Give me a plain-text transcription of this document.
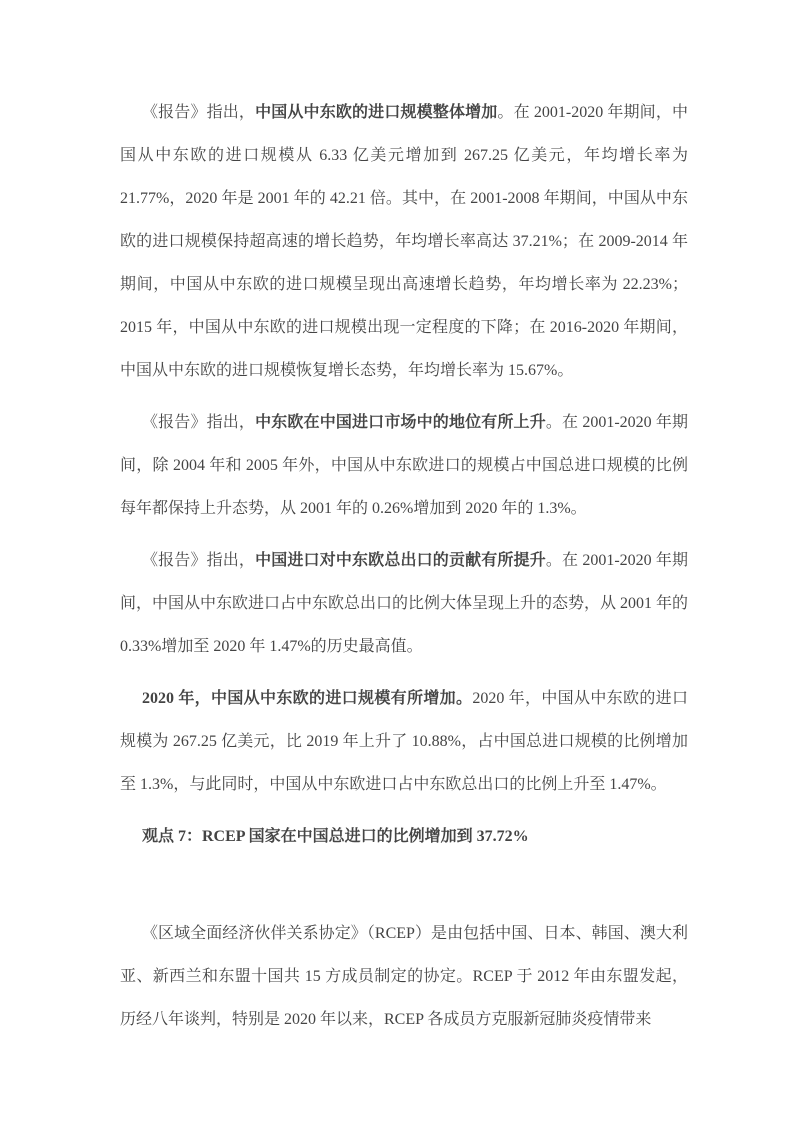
《报告》指出，中国从中东欧的进口规模整体增加。在 2001-2020 年期间，中国从中东欧的进口规模从 6.33 亿美元增加到 267.25 亿美元，年均增长率为 21.77%，2020 年是 2001 年的 42.21 倍。其中，在 2001-2008 年期间，中国从中东欧的进口规模保持超高速的增长趋势，年均增长率高达 37.21%；在 2009-2014 年期间，中国从中东欧的进口规模呈现出高速增长趋势，年均增长率为 22.23%；2015 年，中国从中东欧的进口规模出现一定程度的下降；在 2016-2020 年期间，中国从中东欧的进口规模恢复增长态势，年均增长率为 15.67%。

《报告》指出，中东欧在中国进口市场中的地位有所上升。在 2001-2020 年期间，除 2004 年和 2005 年外，中国从中东欧进口的规模占中国总进口规模的比例每年都保持上升态势，从 2001 年的 0.26%增加到 2020 年的 1.3%。

《报告》指出，中国进口对中东欧总出口的贡献有所提升。在 2001-2020 年期间，中国从中东欧进口占中东欧总出口的比例大体呈现上升的态势，从 2001 年的 0.33%增加至 2020 年 1.47%的历史最高值。

2020 年，中国从中东欧的进口规模有所增加。2020 年，中国从中东欧的进口规模为 267.25 亿美元，比 2019 年上升了 10.88%，占中国总进口规模的比例增加至 1.3%，与此同时，中国从中东欧进口占中东欧总出口的比例上升至 1.47%。

观点 7：RCEP 国家在中国总进口的比例增加到 37.72%

《区域全面经济伙伴关系协定》（RCEP）是由包括中国、日本、韩国、澳大利亚、新西兰和东盟十国共 15 方成员制定的协定。RCEP 于 2012 年由东盟发起，历经八年谈判，特别是 2020 年以来，RCEP 各成员方克服新冠肺炎疫情带来
